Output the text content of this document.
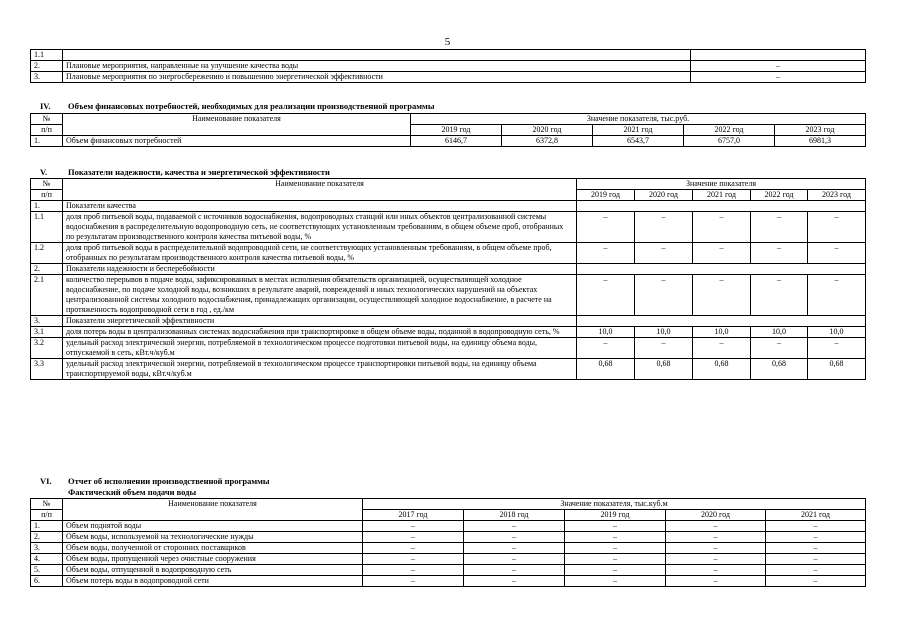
5
1.1		
2.	Плановые мероприятия, направленные на улучшение качества воды	–
3.	Плановые мероприятия по энергосбережению и повышению энергетической эффективности	–
IV. Объем финансовых потребностей, необходимых для реализации производственной программы
№	Наименование показателя	Значение показателя, тыс.руб.				
п/п		2019 год	2020 год	2021 год	2022 год	2023 год
1.	Объем финансовых потребностей	6146,7	6372,8	6543,7	6757,0	6981,3
V. Показатели надежности, качества и энергетической эффективности
№	Наименование показателя	Значение показателя				
п/п		2019 год	2020 год	2021 год	2022 год	2023 год
1.	Показатели качества					
1.1	доля проб питьевой воды, подаваемой с источников водоснабжения, водопроводных станций или иных объектов централизованной системы водоснабжения в распределительную водопроводную сеть, не соответствующих установленным требованиям, в общем объеме проб, отобранных по результатам производственного контроля качества питьевой воды, %	–	–	–	–	–
1.2	доля проб питьевой воды в распределительной водопроводной сети, не соответствующих установленным требованиям, в общем объеме проб, отобранных по результатам производственного контроля качества питьевой воды, %	–	–	–	–	–
2.	Показатели надежности и бесперебойности					
2.1	количество перерывов в подаче воды, зафиксированных в местах исполнения обязательств организацией, осуществляющей холодное водоснабжение, по подаче холодной воды, возникших в результате аварий, повреждений и иных технологических нарушений на объектах централизованной системы холодного водоснабжения, принадлежащих организации, осуществляющей холодное водоснабжение, в расчете на протяженность водопроводной сети в год , ед./км	–	–	–	–	–
3.	Показатели энергетической эффективности					
3.1	доля потерь воды в централизованных системах водоснабжения при транспортировке в общем объеме воды, поданной в водопроводную сеть, %	10,0	10,0	10,0	10,0	10,0
3.2	удельный расход электрической энергии, потребляемой в технологическом процессе подготовки питьевой воды, на единицу объема воды, отпускаемой в сеть, кВт.ч/куб.м	–	–	–	–	–
3.3	удельный расход электрической энергии, потребляемой в технологическом процессе транспортировки питьевой воды, на единицу объема транспортируемой воды, кВт.ч/куб.м	0,68	0,68	0,68	0,68	0,68
VI. Отчет об исполнении производственной программы
Фактический объем подачи воды
№	Наименование показателя	Значение показателя, тыс.куб.м				
п/п		2017 год	2018 год	2019 год	2020 год	2021 год
1.	Объем поднятой воды	–	–	–	–	–
2.	Объем воды, используемой на технологические нужды	–	–	–	–	–
3.	Объем воды, полученной от сторонних поставщиков	–	–	–	–	–
4.	Объем воды, пропущенной через очистные сооружения	–	–	–	–	–
5.	Объем воды, отпущенной в водопроводную сеть	–	–	–	–	–
6.	Объем потерь воды в водопроводной сети	–	–	–	–	–
